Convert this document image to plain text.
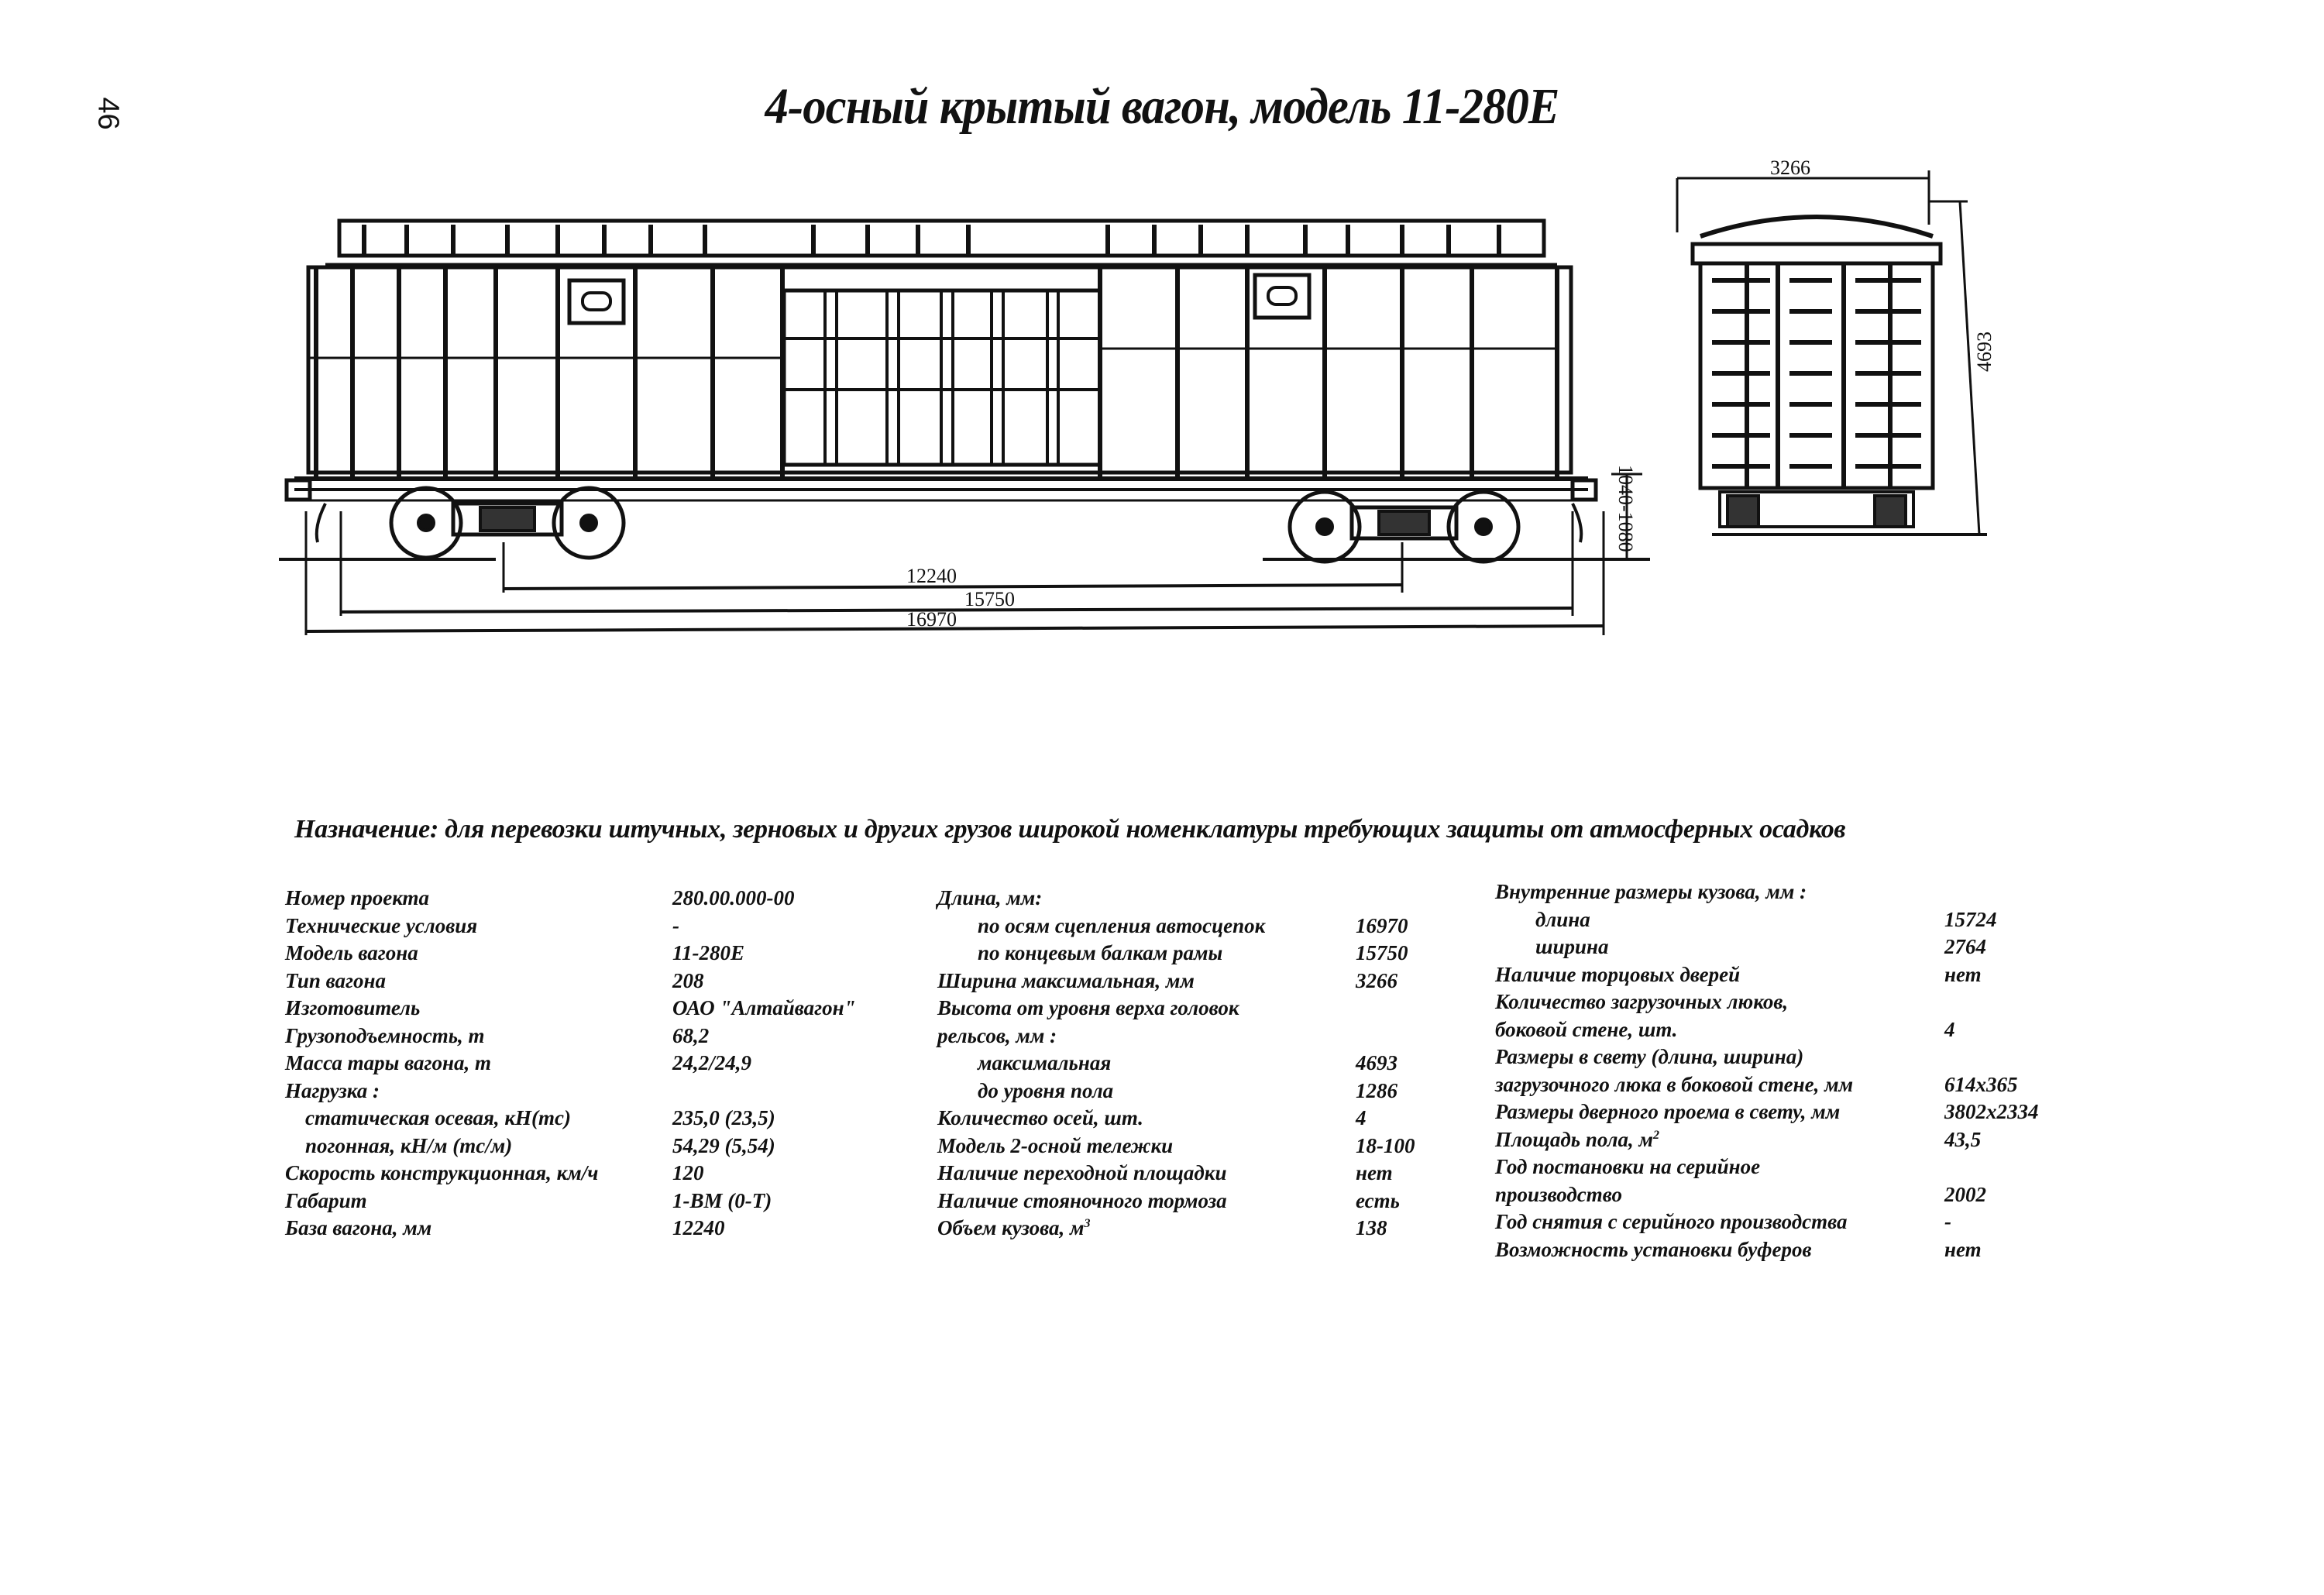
46	4-осный крытый вагон, модель 11-280Е
12240
15750
16970
1040-1080
3266
4693
Назначение: для перевозки штучных, зерновых и других грузов широкой номенклатуры требующих защиты от атмосферных осадков
Номер проекта	280.00.000-00
Технические условия	-
Модель вагона	11-280Е
Тип вагона	208
Изготовитель	ОАО "Алтайвагон"
Грузоподъемность, т	68,2
Масса тары вагона, т	24,2/24,9
Нагрузка :
статическая осевая, кН(тс)	235,0 (23,5)
погонная, кН/м (тс/м)	54,29 (5,54)
Скорость конструкционная, км/ч	120
Габарит	1-ВМ (0-Т)
База вагона, мм	12240
Длина, мм:
по осям сцепления автосцепок	16970
по концевым балкам рамы	15750
Ширина максимальная, мм	3266
Высота от уровня верха головок
рельсов, мм :
максимальная	4693
до уровня пола	1286
Количество осей, шт.	4
Модель 2-осной тележки	18-100
Наличие переходной площадки	нет
Наличие стояночного тормоза	есть
Объем кузова, $м^3$	138
Внутренние размеры кузова, мм :
длина	15724
ширина	2764
Наличие торцовых дверей	нет
Количество загрузочных люков,
боковой стене, шт.	4
Размеры в свету (длина, ширина)
загрузочного люка в боковой стене, мм	614x365
Размеры дверного проема в свету, мм	3802x2334
Площадь пола, $м^2$	43,5
Год постановки на серийное
производство	2002
Год снятия с серийного производства	-
Возможность установки буферов	нет
